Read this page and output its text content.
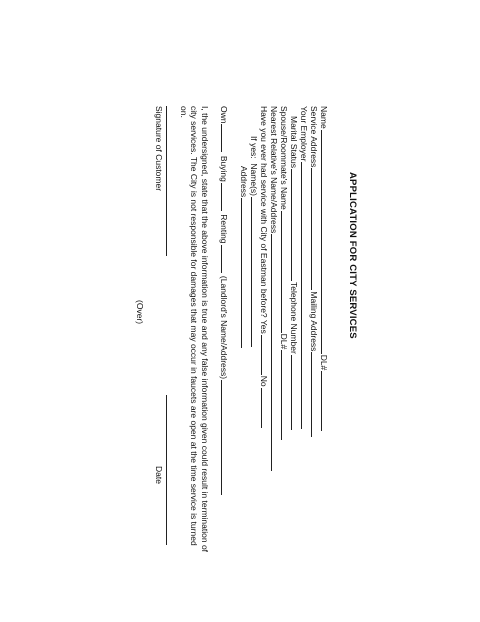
APPLICATION FOR CITY SERVICES
NameDL#
Service AddressMailing Address
Your Employer
Marital StatusTelephone Number
Spouse/Roommate's NameDL#
Nearest Relative's Name/Address
Have you ever had service with City of Eastman before? YesNo
If yes:  Name(s)
Address
Own Buying Renting (Landlord's Name/Address)
I, the undersigned, state that the above information is true and any false information given could result in termination of city services. The City is not responsible for damages that may occur in faucets are open at the time service is turned on.
Signature of Customer
Date
(Over)
